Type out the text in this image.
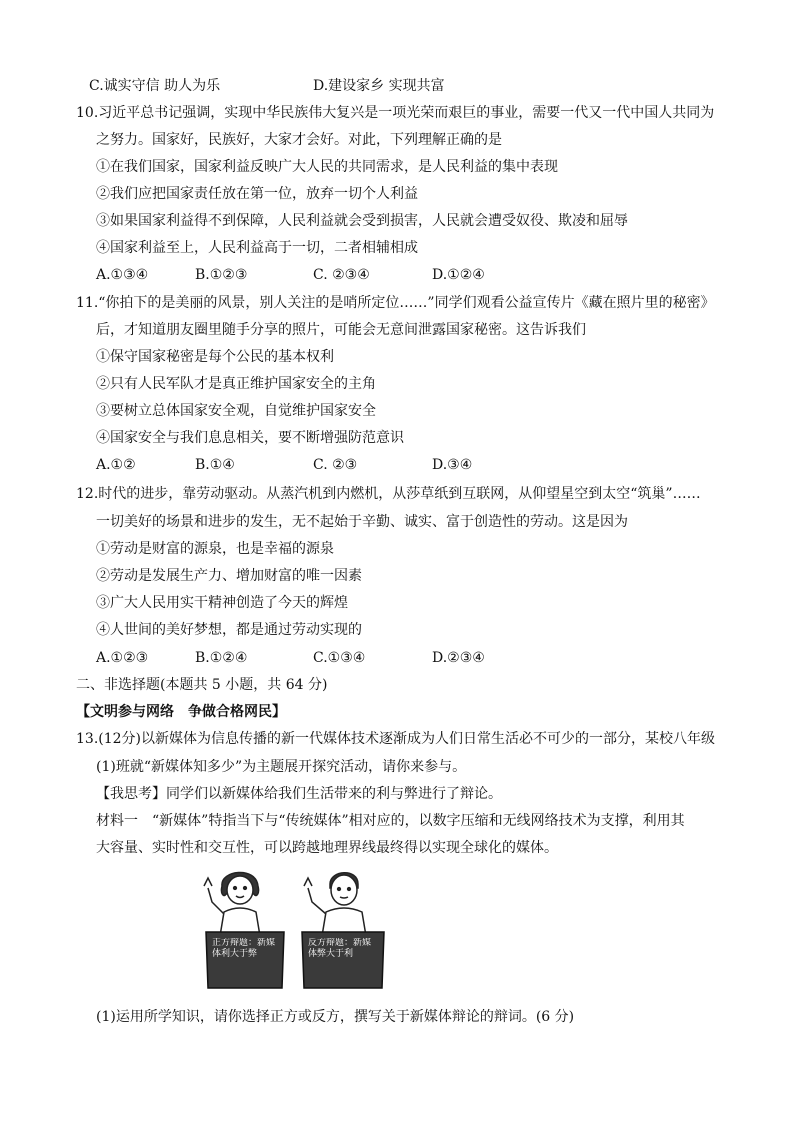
C.诚实守信 助人为乐	D.建设家乡 实现共富
10.习近平总书记强调，实现中华民族伟大复兴是一项光荣而艰巨的事业，需要一代又一代中国人共同为
之努力。国家好，民族好，大家才会好。对此，下列理解正确的是
①在我们国家，国家利益反映广大人民的共同需求，是人民利益的集中表现
②我们应把国家责任放在第一位，放弃一切个人利益
③如果国家利益得不到保障，人民利益就会受到损害，人民就会遭受奴役、欺凌和屈辱
④国家利益至上，人民利益高于一切，二者相辅相成
A.①③④	B.①②③	C. ②③④	D.①②④
11.“你拍下的是美丽的风景，别人关注的是哨所定位……”同学们观看公益宣传片《藏在照片里的秘密》
后，才知道朋友圈里随手分享的照片，可能会无意间泄露国家秘密。这告诉我们
①保守国家秘密是每个公民的基本权利
②只有人民军队才是真正维护国家安全的主角
③要树立总体国家安全观，自觉维护国家安全
④国家安全与我们息息相关，要不断增强防范意识
A.①②	B.①④	C. ②③	D.③④
12.时代的进步，靠劳动驱动。从蒸汽机到内燃机，从莎草纸到互联网，从仰望星空到太空“筑巢”……
一切美好的场景和进步的发生，无不起始于辛勤、诚实、富于创造性的劳动。这是因为
①劳动是财富的源泉，也是幸福的源泉
②劳动是发展生产力、增加财富的唯一因素
③广大人民用实干精神创造了今天的辉煌
④人世间的美好梦想，都是通过劳动实现的
A.①②③	B.①②④	C.①③④	D.②③④
二、非选择题(本题共 5 小题，共 64 分)
【文明参与网络　争做合格网民】
13.(12分)以新媒体为信息传播的新一代媒体技术逐渐成为人们日常生活必不可少的一部分，某校八年级
(1)班就“新媒体知多少”为主题展开探究活动，请你来参与。
【我思考】同学们以新媒体给我们生活带来的利与弊进行了辩论。
材料一　“新媒体”特指当下与“传统媒体”相对应的，以数字压缩和无线网络技术为支撑，利用其
大容量、实时性和交互性，可以跨越地理界线最终得以实现全球化的媒体。
正方辩题：新媒体利大于弊
反方辩题：新媒体弊大于利
(1)运用所学知识，请你选择正方或反方，撰写关于新媒体辩论的辩词。(6 分)
